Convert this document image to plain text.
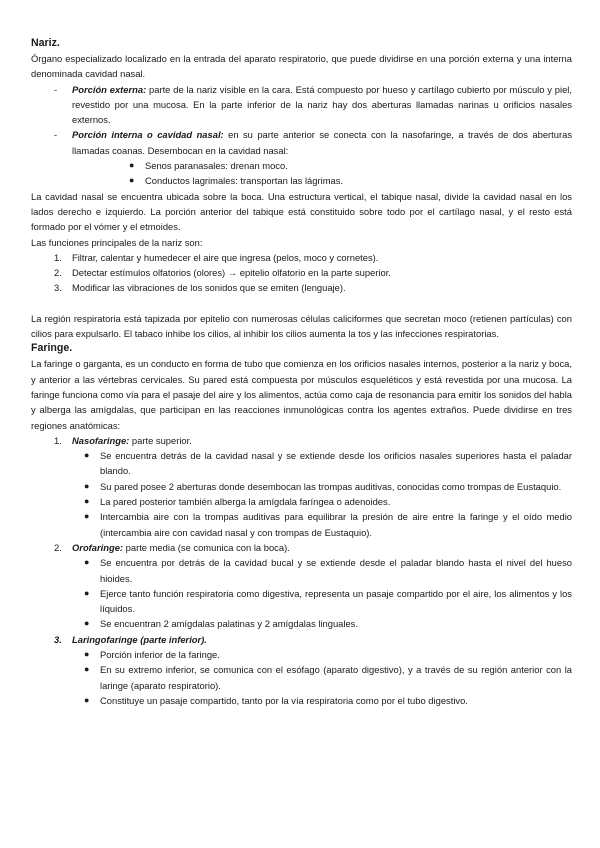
Nariz.

Órgano especializado localizado en la entrada del aparato respiratorio, que puede dividirse en una porción externa y una interna denominada cavidad nasal.

- Porción externa: parte de la nariz visible en la cara. Está compuesto por hueso y cartílago cubierto por músculo y piel, revestido por una mucosa. En la parte inferior de la nariz hay dos aberturas llamadas narinas u orificios nasales externos.
- Porción interna o cavidad nasal: en su parte anterior se conecta con la nasofaringe, a través de dos aberturas llamadas coanas. Desembocan en la cavidad nasal:
● Senos paranasales: drenan moco.
● Conductos lagrimales: transportan las lágrimas.

La cavidad nasal se encuentra ubicada sobre la boca. Una estructura vertical, el tabique nasal, divide la cavidad nasal en los lados derecho e izquierdo. La porción anterior del tabique está constituido sobre todo por el cartílago nasal, y el resto está formado por el vómer y el etmoides.

Las funciones principales de la nariz son:

1. Filtrar, calentar y humedecer el aire que ingresa (pelos, moco y cornetes).
2. Detectar estímulos olfatorios (olores) → epitelio olfatorio en la parte superior.
3. Modificar las vibraciones de los sonidos que se emiten (lenguaje).

La región respiratoria está tapizada por epitelio con numerosas células caliciformes que secretan moco (retienen partículas) con cilios para expulsarlo. El tabaco inhibe los cilios, al inhibir los cilios aumenta la tos y las infecciones respiratorias.

Faringe.

La faringe o garganta, es un conducto en forma de tubo que comienza en los orificios nasales internos, posterior a la nariz y boca, y anterior a las vértebras cervicales. Su pared está compuesta por músculos esqueléticos y está revestida por una mucosa. La faringe funciona como vía para el pasaje del aire y los alimentos, actúa como caja de resonancia para emitir los sonidos del habla y alberga las amígdalas, que participan en las reacciones inmunológicas contra los agentes extraños. Puede dividirse en tres regiones anatómicas:

1. Nasofaringe: parte superior.
● Se encuentra detrás de la cavidad nasal y se extiende desde los orificios nasales superiores hasta el paladar blando.
● Su pared posee 2 aberturas donde desembocan las trompas auditivas, conocidas como trompas de Eustaquio.
● La pared posterior también alberga la amígdala faríngea o adenoides.
● Intercambia aire con la trompas auditivas para equilibrar la presión de aire entre la faringe y el oído medio (intercambia aire con cavidad nasal y con trompas de Eustaquio).
2. Orofaringe: parte media (se comunica con la boca).
● Se encuentra por detrás de la cavidad bucal y se extiende desde el paladar blando hasta el nivel del hueso hioides.
● Ejerce tanto función respiratoria como digestiva, representa un pasaje compartido por el aire, los alimentos y los líquidos.
● Se encuentran 2 amígdalas palatinas y 2 amígdalas linguales.
3. Laringofaringe (parte inferior).
● Porción inferior de la faringe.
● En su extremo inferior, se comunica con el esófago (aparato digestivo), y a través de su región anterior con la laringe (aparato respiratorio).
● Constituye un pasaje compartido, tanto por la vía respiratoria como por el tubo digestivo.
